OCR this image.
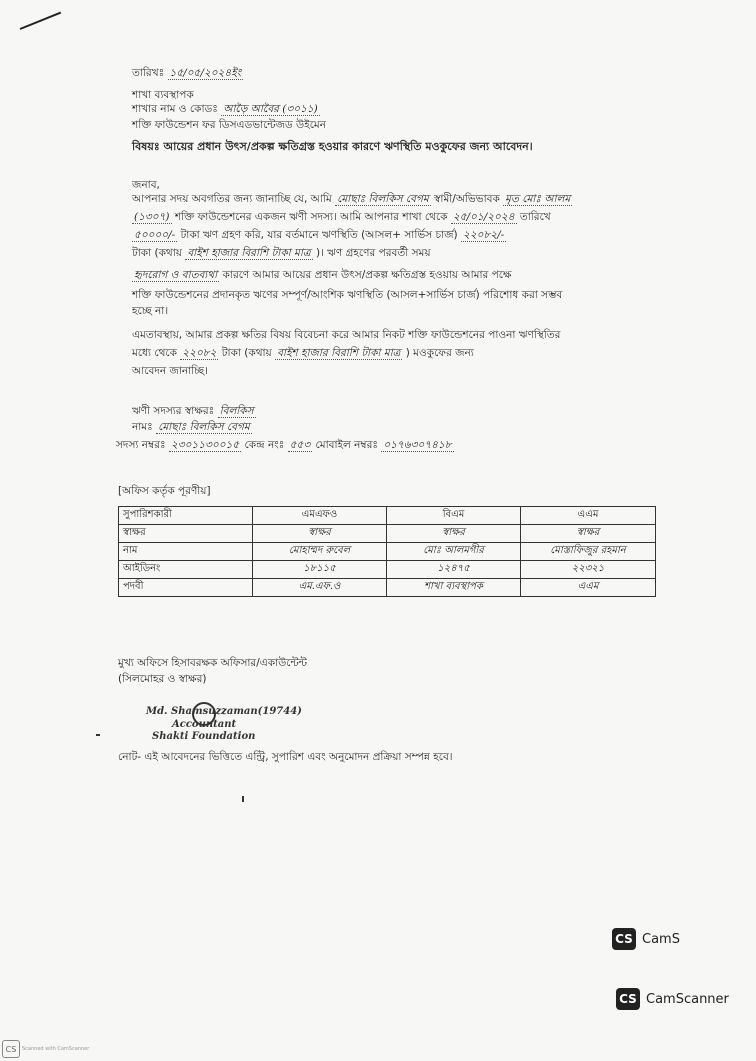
তারিখঃ ১৫/০৫/২০২৪ইং
শাখা ব্যবস্থাপক
শাখার নাম ও কোডঃ আড়ৈ আবৈর (৩০১১)
শক্তি ফাউন্ডেশন ফর ডিসএডভান্টেজড উইমেন
বিষয়ঃ আয়ের প্রধান উৎস/প্রকল্প ক্ষতিগ্রস্ত হওয়ার কারণে ঋণস্থিতি মওকুফের জন্য আবেদন।
জনাব,
আপনার সদয় অবগতির জন্য জানাচ্ছি যে, আমি মোছাঃ বিলকিস বেগম স্বামী/অভিভাবক মৃত মোঃ আলম
(১৩০৭) শক্তি ফাউন্ডেশনের একজন ঋণী সদস্য। আমি আপনার শাখা থেকে ২৫/০১/২০২৪ তারিখে
৫০০০০/- টাকা ঋণ গ্রহণ করি, যার বর্তমানে ঋণস্থিতি (আসল+ সার্ভিস চার্জ) ২২০৮২/-
টাকা (কথায় বাইশ হাজার বিরাশি টাকা মাত্র )। ঋণ গ্রহণের পরবর্তী সময়
হৃদরোগ ও বাতব্যথা কারণে আমার আয়ের প্রধান উৎস/প্রকল্প ক্ষতিগ্রস্ত হওয়ায় আমার পক্ষে
শক্তি ফাউন্ডেশনের প্রদানকৃত ঋণের সম্পূর্ণ/আংশিক ঋণস্থিতি (আসল+সার্ভিস চার্জ) পরিশোধ করা সম্ভব
হচ্ছে না।
এমতাবস্থায়, আমার প্রকল্প ক্ষতির বিষয় বিবেচনা করে আমার নিকট শক্তি ফাউন্ডেশনের পাওনা ঋণস্থিতির
মধ্যে থেকে ২২০৮২ টাকা (কথায় বাইশ হাজার বিরাশি টাকা মাত্র ) মওকুফের জন্য
আবেদন জানাচ্ছি।
ঋণী সদস্যর স্বাক্ষরঃ বিলকিস
নামঃ মোছাঃ বিলকিস বেগম
সদস্য নম্বরঃ ২৩০১১৩০০১৫ কেন্দ্র নংঃ ৫৫৩ মোবাইল নম্বরঃ ০১৭৬৩০৭৪১৮
[অফিস কর্তৃক পূরণীয়]
সুপারিশকারী	এমএফও	বিএম	এএম
স্বাক্ষর	স্বাক্ষর	স্বাক্ষর	স্বাক্ষর
নাম	মোহাম্মদ রুবেল	মোঃ আলমগীর	মোস্তাফিজুর রহমান
আইডিনং	১৮১১৫	১২৪৭৫	২২৩২১
পদবী	এম.এফ.ও	শাখা ব্যবস্থাপক	এএম
মুখ্য অফিসে হিসাবরক্ষক অফিসার/একাউন্টেন্ট
(সিলমোহর ও স্বাক্ষর)
Md. Shamsuzzaman(19744)
Accountant
Shakti Foundation
নোট- এই আবেদনের ভিত্তিতে এন্ট্রি, সুপারিশ এবং অনুমোদন প্রক্রিয়া সম্পন্ন হবে।
CS CamS
CS CamScanner
CS	Scanned with CamScanner
